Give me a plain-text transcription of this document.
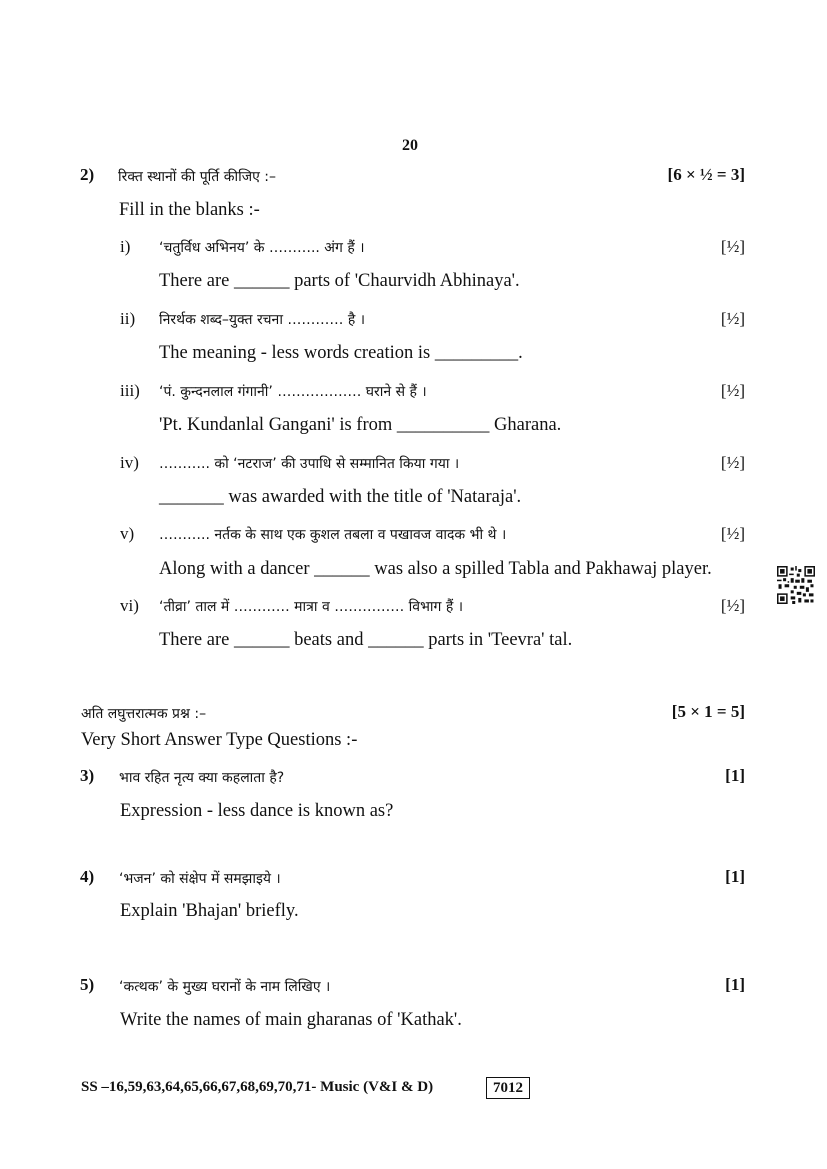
20
2) रिक्त स्थानों की पूर्ति कीजिए :–	[6 × ½ = 3]
Fill in the blanks :-
i) ‘चतुर्विध अभिनय’ के ……….. अंग हैं ।	[½]
There are ______ parts of 'Chaurvidh Abhinaya'.
ii) निरर्थक शब्द–युक्त रचना ………… है ।	[½]
The meaning - less words creation is _________.
iii) ‘पं. कुन्दनलाल गंगानी’ ……………… घराने से हैं ।	[½]
'Pt. Kundanlal Gangani' is from __________ Gharana.
iv) ……….. को ‘नटराज’ की उपाधि से सम्मानित किया गया ।	[½]
_______ was awarded with the title of 'Nataraja'.
v) ……….. नर्तक के साथ एक कुशल तबला व पखावज वादक भी थे ।	[½]
Along with a dancer ______ was also a spilled Tabla and Pakhawaj player.
vi) ‘तीव्रा’ ताल में ………… मात्रा व …………… विभाग हैं ।	[½]
There are ______ beats and ______ parts in 'Teevra' tal.
अति लघुत्तरात्मक प्रश्न :–	[5 × 1 = 5]
Very Short Answer Type Questions :-
3) भाव रहित नृत्य क्या कहलाता है?	[1]
Expression - less dance is known as?
4) ‘भजन’ को संक्षेप में समझाइये ।	[1]
Explain 'Bhajan' briefly.
5) ‘कत्थक’ के मुख्य घरानों के नाम लिखिए ।	[1]
Write the names of main gharanas of 'Kathak'.
SS –16,59,63,64,65,66,67,68,69,70,71- Music (V&I & D)	7012
